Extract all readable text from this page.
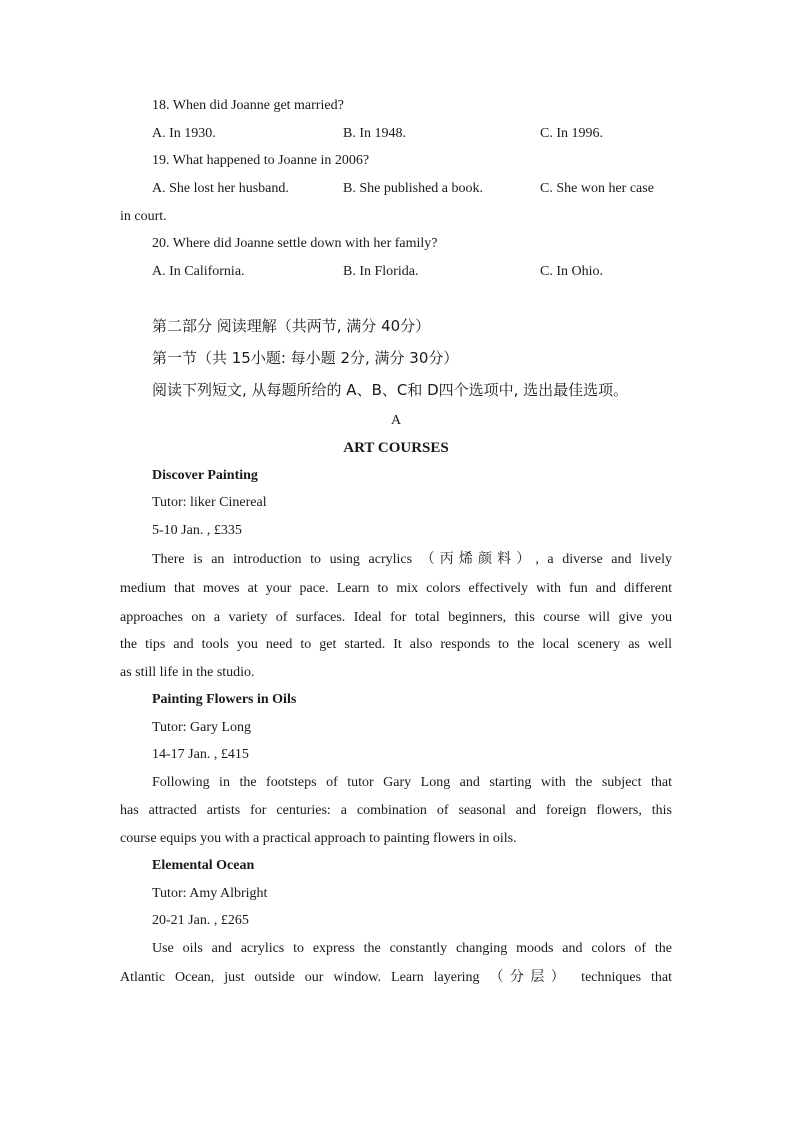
18. When did Joanne get married?
A. In 1930.	B. In 1948.	C. In 1996.
19. What happened to Joanne in 2006?
A. She lost her husband.	B. She published a book.	C. She won her case
in court.
20. Where did Joanne settle down with her family?
A. In California.	B. In Florida.	C. In Ohio.
第二部分 阅读理解（共两节, 满分 40分）
第一节（共 15小题: 每小题 2分, 满分 30分）
阅读下列短文, 从每题所给的 A、B、C和 D四个选项中, 选出最佳选项。
A
ART COURSES
Discover Painting
Tutor: liker Cinereal
5-10 Jan. , £335
There is an introduction to using acrylics （丙烯颜料）, a diverse and lively
medium that moves at your pace. Learn to mix colors effectively with fun and different
approaches on a variety of surfaces. Ideal for total beginners, this course will give you
the tips and tools you need to get started. It also responds to the local scenery as well
as still life in the studio.
Painting Flowers in Oils
Tutor: Gary Long
14-17 Jan. , £415
Following in the footsteps of tutor Gary Long and starting with the subject that
has attracted artists for centuries: a combination of seasonal and foreign flowers, this
course equips you with a practical approach to painting flowers in oils.
Elemental Ocean
Tutor: Amy Albright
20-21 Jan. , £265
Use oils and acrylics to express the constantly changing moods and colors of the
Atlantic Ocean, just outside our window. Learn layering （分层） techniques that
